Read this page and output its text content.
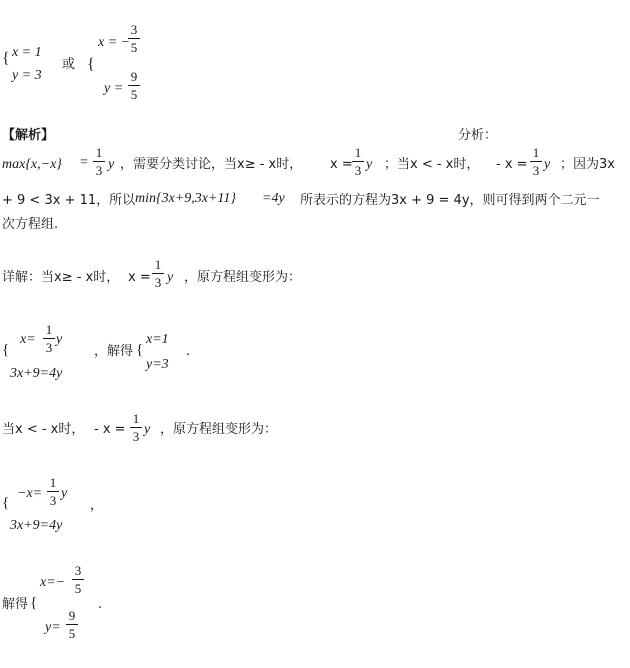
{ x = 1
y = 3
或 {
x = −
3
5
y =
9
5
【解析】	分析：
max{x,−x} =
1
3 y ，需要分类讨论，当x≥ - x时， x =
1
3 y ；当x < - x时， - x =
1
3 y ；因为3x
+ 9 < 3x + 11，所以 min{3x+9,3x+11} =4y 所表示的方程为3x + 9 = 4y，则可得到两个二元一
次方程组.
详解：当x≥ - x时， x =
1
3 y ，原方程组变形为：
{
x=
1
3
y
3x+9=4y
，解得 {
x=1
y=3
.
当x < - x时， - x =
1
3 y ，原方程组变形为：
{
−x=
1
3 y
3x+9=4y
，
解得 {
x=−
3
5
y=
9
5
.
